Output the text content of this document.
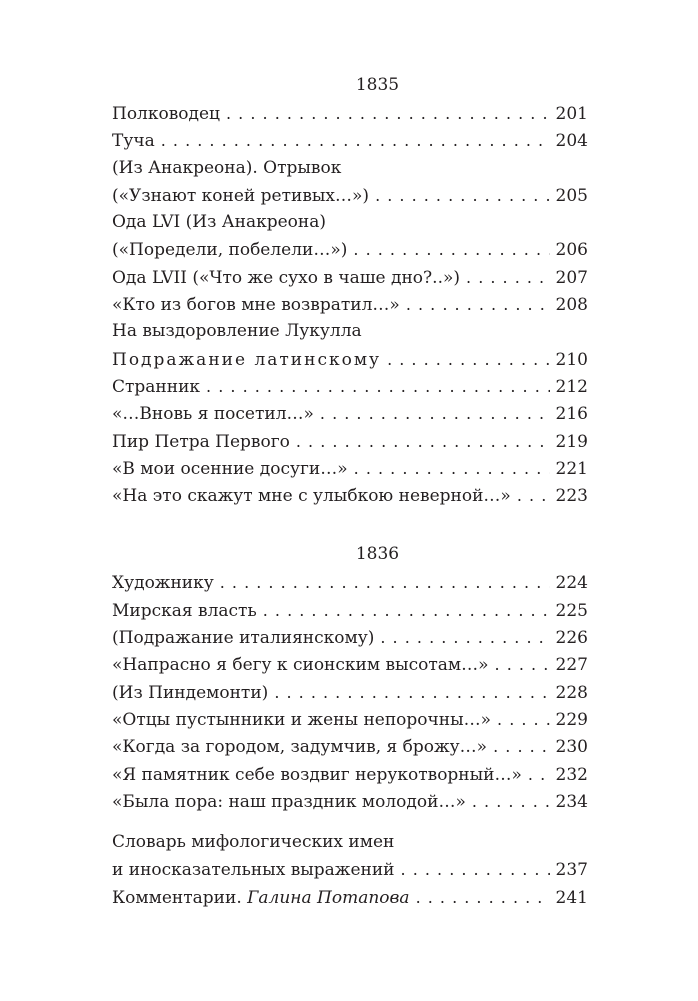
1835
Полководец . . .	201
Туча . . .	204
(Из Анакреона). Отрывок
(«Узнают коней ретивых…») . . .	205
Ода LVI (Из Анакреона)
(«Поредели, побелели…») . . .	206
Ода LVII («Что же сухо в чаше дно?..») . . .	207
«Кто из богов мне возвратил…» . . .	208
На выздоровление Лукулла
Подражание латинскому . . .	210
Странник . . .	212
«…Вновь я посетил…» . . .	216
Пир Петра Первого . . .	219
«В мои осенние досуги…» . . .	221
«На это скажут мне с улыбкою неверной…» . . .	223
1836
Художнику . . .	224
Мирская власть . . .	225
(Подражание италиянскому) . . .	226
«Напрасно я бегу к сионским высотам…» . . .	227
(Из Пиндемонти) . . .	228
«Отцы пустынники и жены непорочны…» . . .	229
«Когда за городом, задумчив, я брожу…» . . .	230
«Я памятник себе воздвиг нерукотворный…» . . . 232
«Была пора: наш праздник молодой…» . . .	234
Словарь мифологических имен
и иносказательных выражений . . .	237
Комментарии. Галина Потапова . . .	241
